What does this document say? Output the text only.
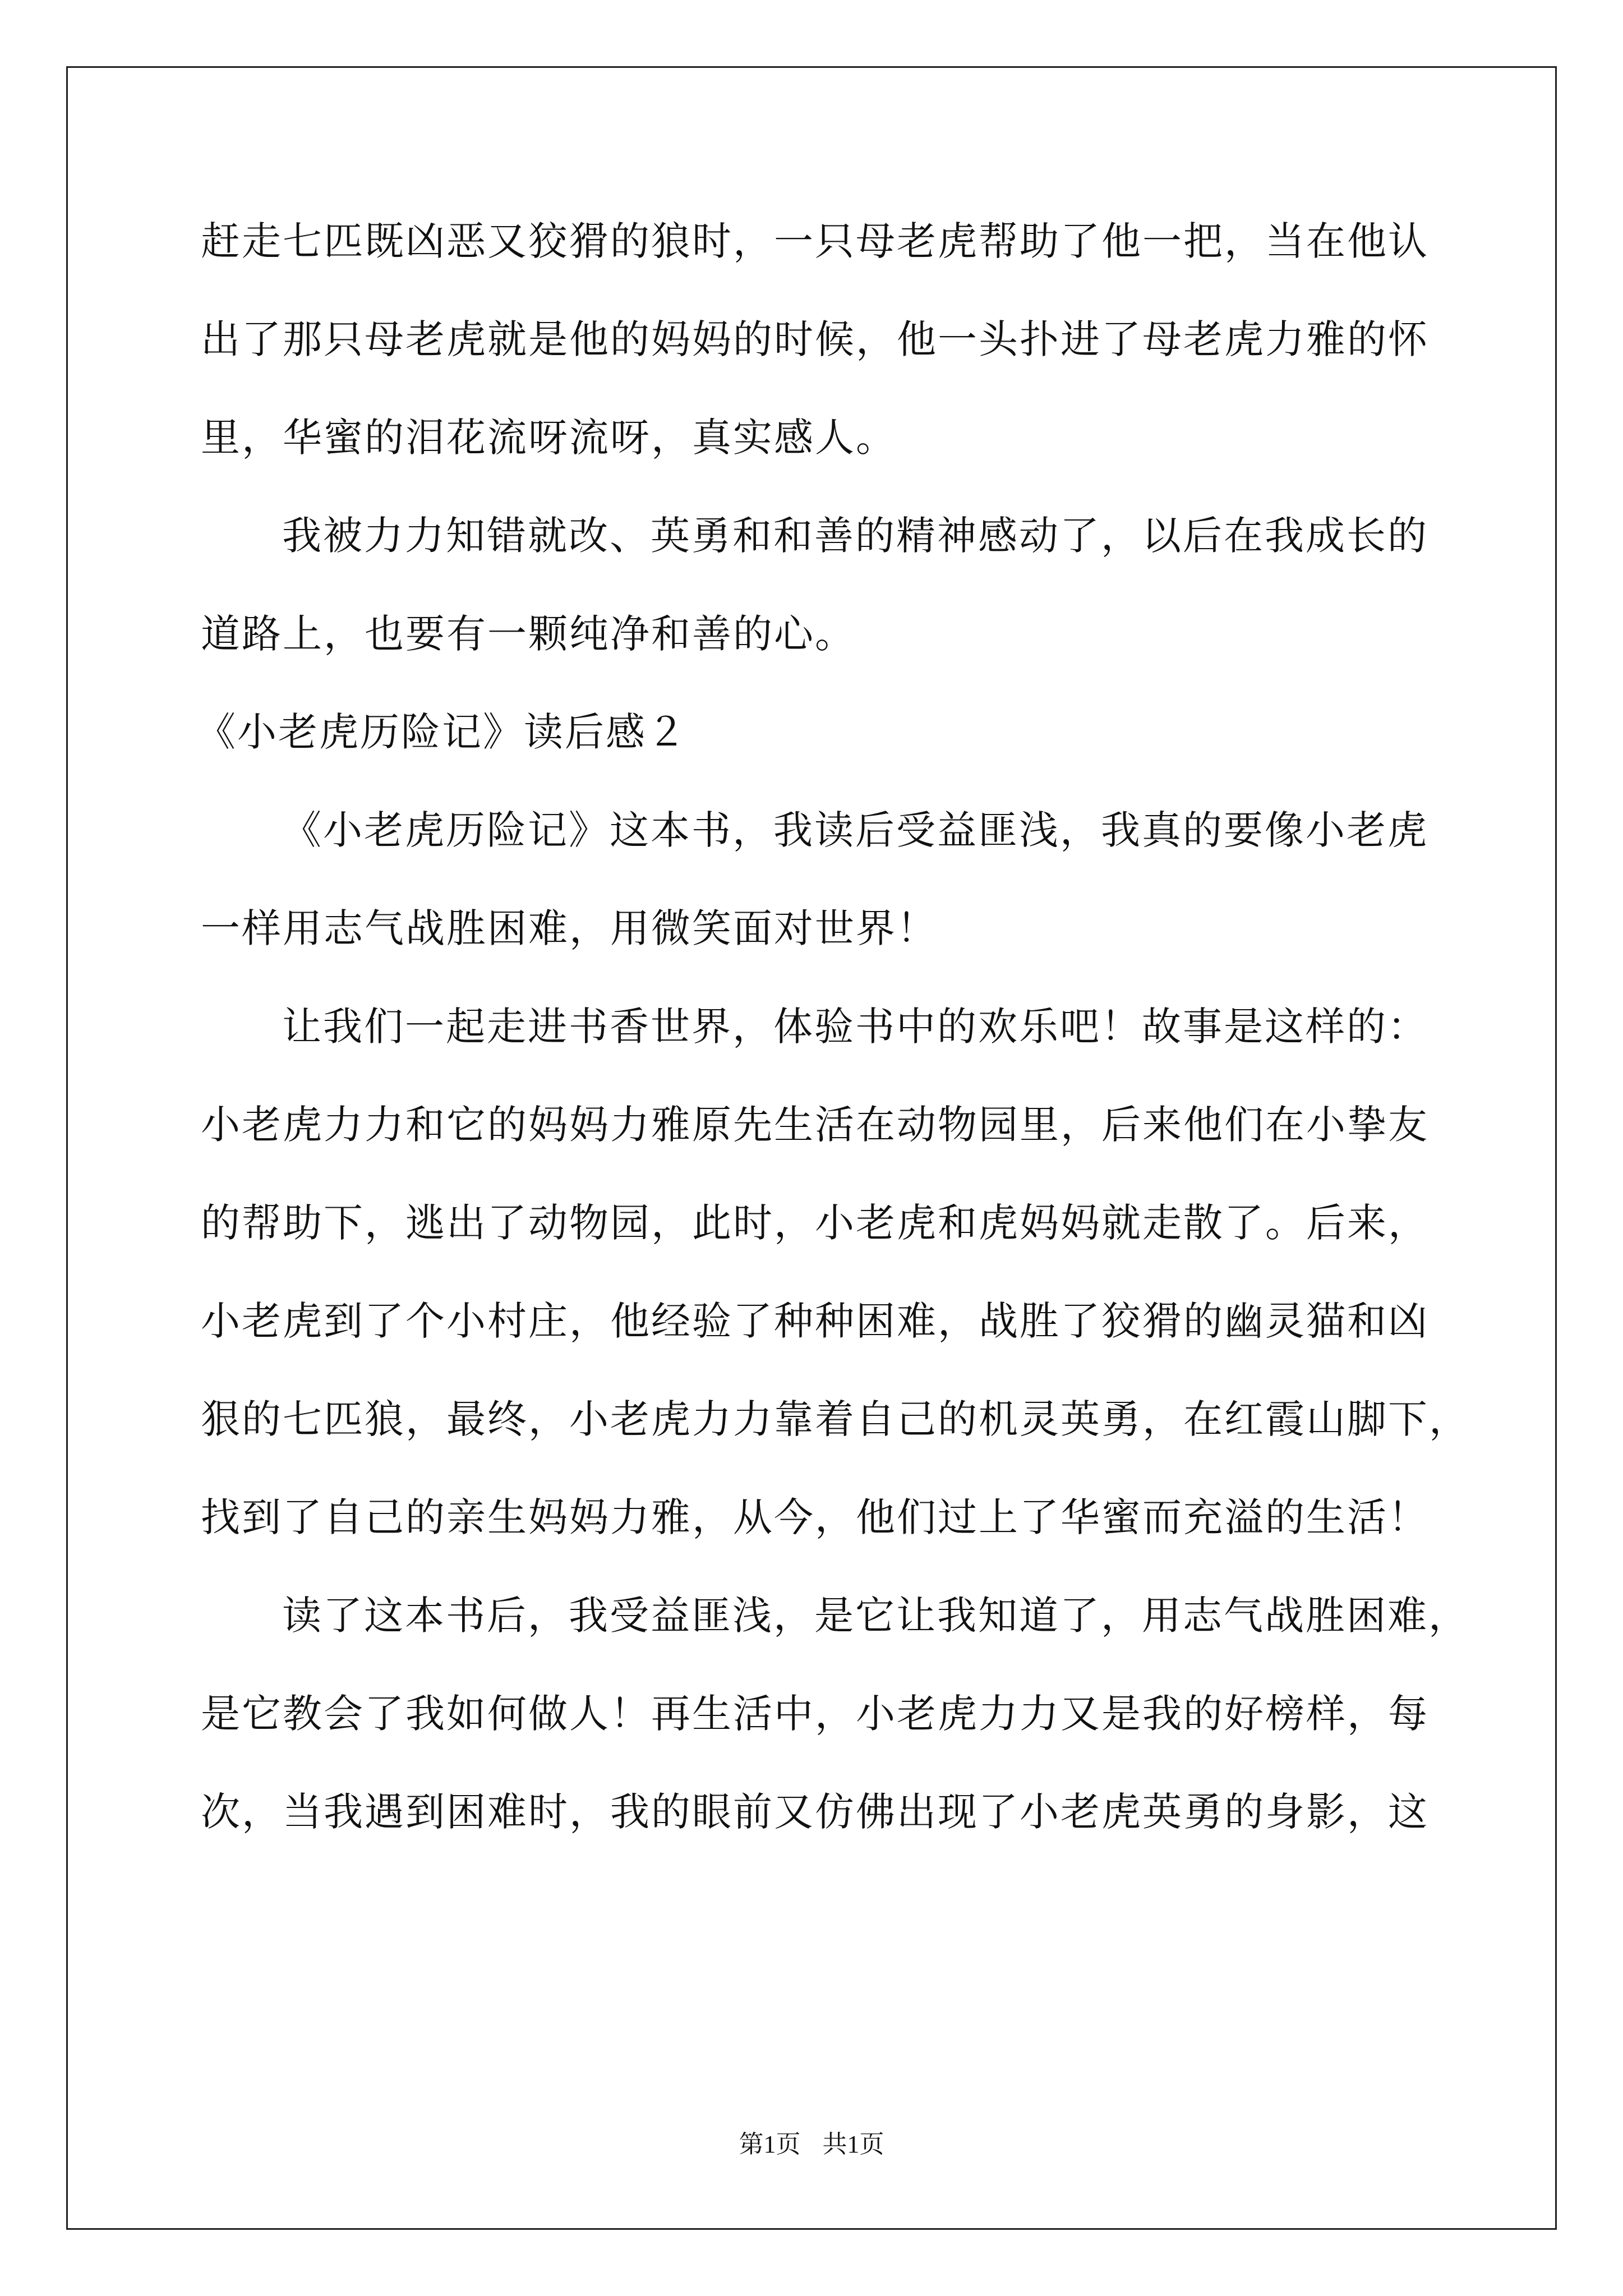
赶走七匹既凶恶又狡猾的狼时，一只母老虎帮助了他一把，当在他认
出了那只母老虎就是他的妈妈的时候，他一头扑进了母老虎力雅的怀
里，华蜜的泪花流呀流呀，真实感人。
我被力力知错就改、英勇和和善的精神感动了，以后在我成长的
道路上，也要有一颗纯净和善的心。
《小老虎历险记》读后感２
《小老虎历险记》这本书，我读后受益匪浅，我真的要像小老虎
一样用志气战胜困难，用微笑面对世界！
让我们一起走进书香世界，体验书中的欢乐吧！故事是这样的：
小老虎力力和它的妈妈力雅原先生活在动物园里，后来他们在小挚友
的帮助下，逃出了动物园，此时，小老虎和虎妈妈就走散了。后来，
小老虎到了个小村庄，他经验了种种困难，战胜了狡猾的幽灵猫和凶
狠的七匹狼，最终，小老虎力力靠着自己的机灵英勇，在红霞山脚下，
找到了自己的亲生妈妈力雅，从今，他们过上了华蜜而充溢的生活！
读了这本书后，我受益匪浅，是它让我知道了，用志气战胜困难，
是它教会了我如何做人！再生活中，小老虎力力又是我的好榜样，每
次，当我遇到困难时，我的眼前又仿佛出现了小老虎英勇的身影，这
第1页 共1页
